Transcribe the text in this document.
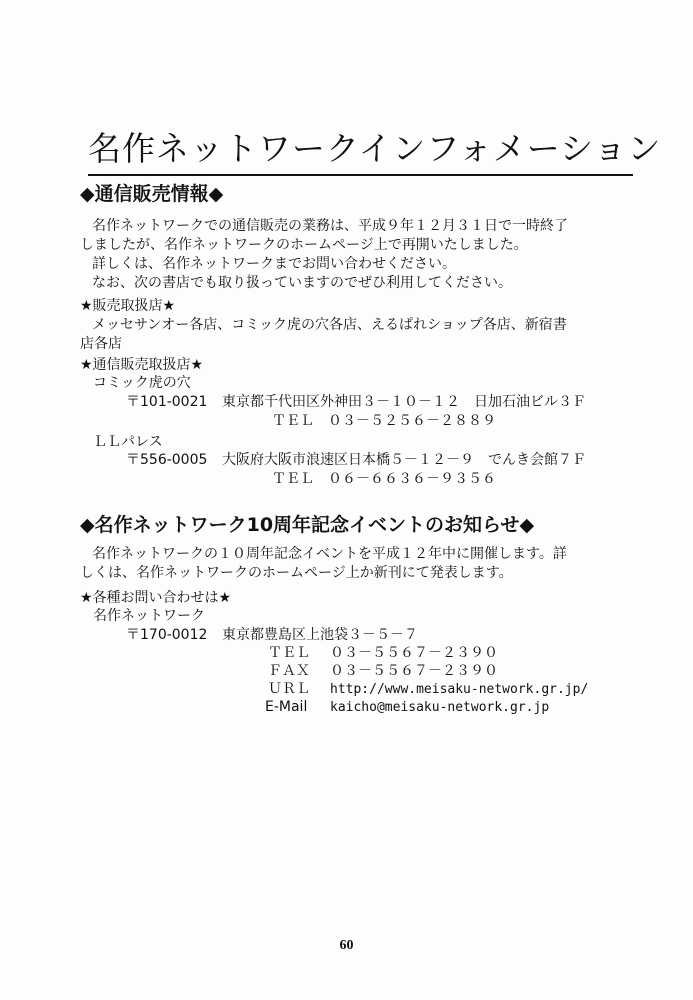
名作ネットワークインフォメーション
◆通信販売情報◆
名作ネットワークでの通信販売の業務は、平成９年１２月３１日で一時終了
しましたが、名作ネットワークのホームページ上で再開いたしました。
詳しくは、名作ネットワークまでお問い合わせください。
なお、次の書店でも取り扱っていますのでぜひ利用してください。
★販売取扱店★
メッセサンオー各店、コミック虎の穴各店、えるぱれショップ各店、新宿書
店各店
★通信販売取扱店★
コミック虎の穴
〒101-0021 東京都千代田区外神田３－１０－１２　日加石油ビル３Ｆ
ＴＥＬ　０３－５２５６－２８８９
ＬＬパレス
〒556-0005 大阪府大阪市浪速区日本橋５－１２－９　でんき会館７Ｆ
ＴＥＬ　０６－６６３６－９３５６
◆名作ネットワーク10周年記念イベントのお知らせ◆
名作ネットワークの１０周年記念イベントを平成１２年中に開催します。詳
しくは、名作ネットワークのホームページ上か新刊にて発表します。
★各種お問い合わせは★
名作ネットワーク
〒170-0012 東京都豊島区上池袋３－５－７
ＴＥＬ ０３－５５６７－２３９０
ＦＡＸ ０３－５５６７－２３９０
ＵＲＬ http://www.meisaku-network.gr.jp/
E-Mail kaicho@meisaku-network.gr.jp
60
